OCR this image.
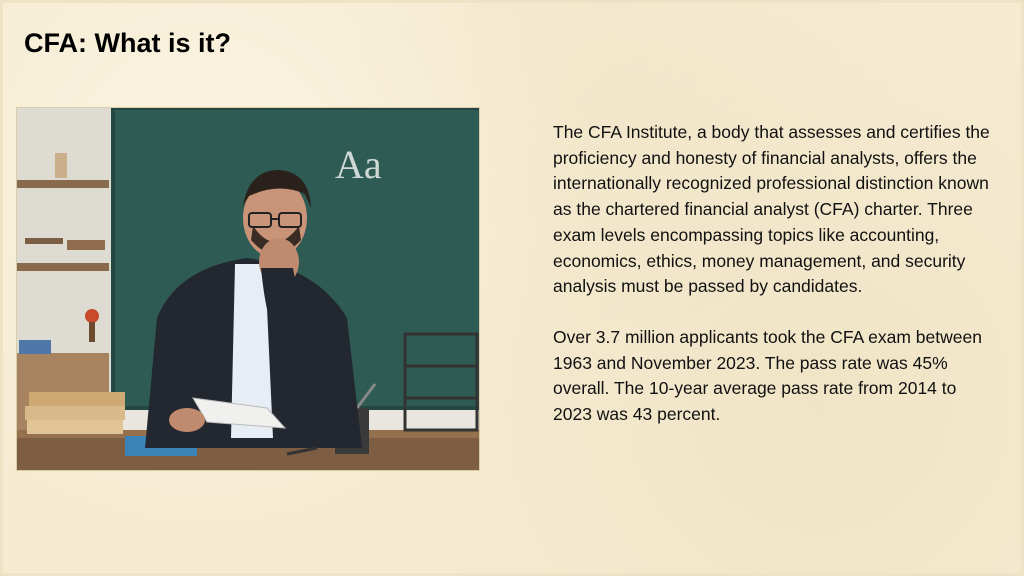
CFA: What is it?
Aa

The CFA Institute, a body that assesses and certifies the proficiency and honesty of financial analysts, offers the internationally recognized professional distinction known as the chartered financial analyst (CFA) charter. Three exam levels encompassing topics like accounting, economics, ethics, money management, and security analysis must be passed by candidates.

Over 3.7 million applicants took the CFA exam between 1963 and November 2023. The pass rate was 45% overall. The 10-year average pass rate from 2014 to 2023 was 43 percent.
